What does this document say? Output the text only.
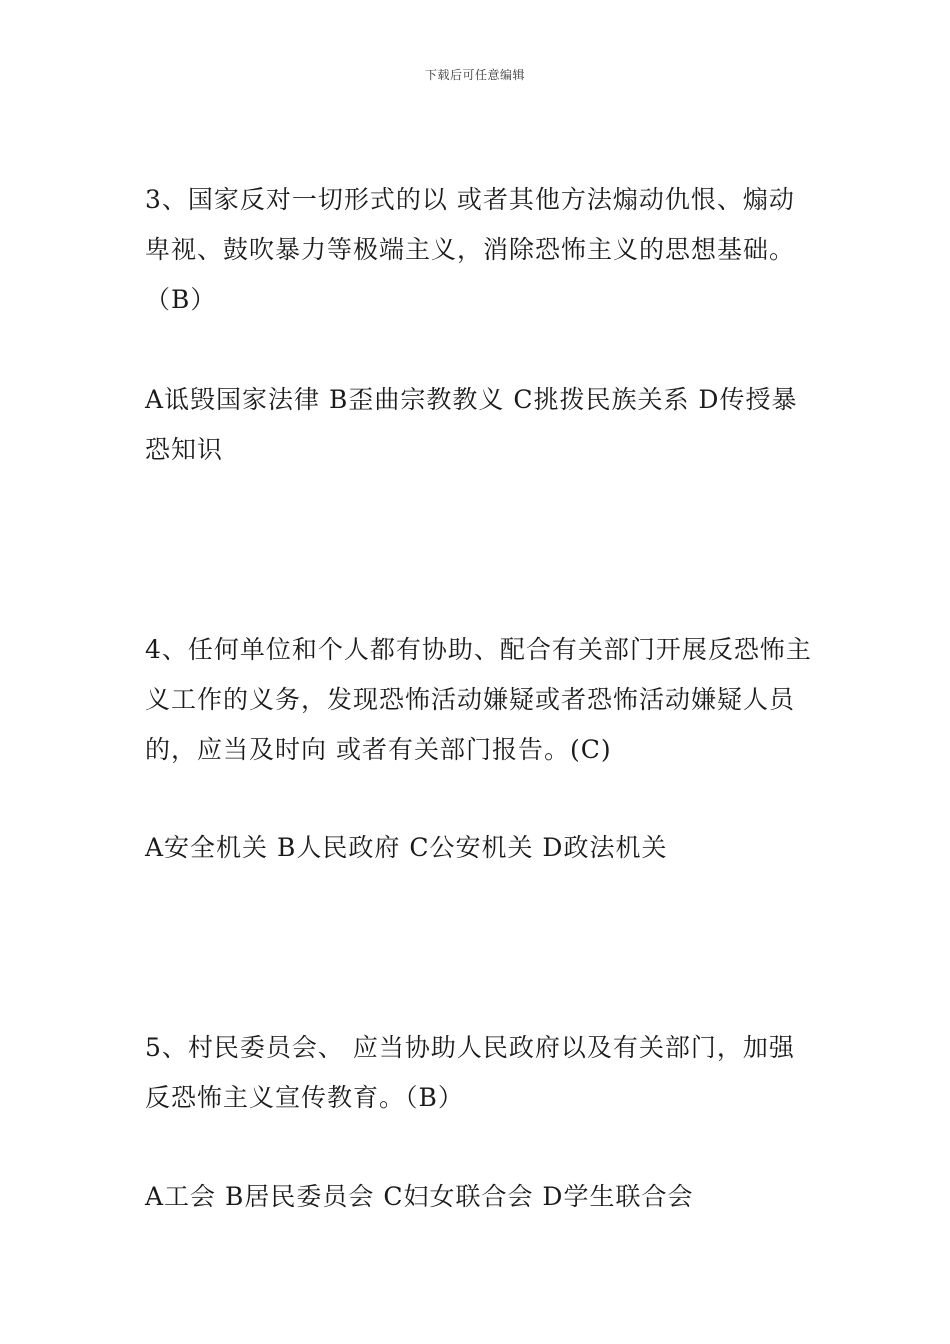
下载后可任意编辑
3、国家反对一切形式的以 或者其他方法煽动仇恨、煽动
卑视、鼓吹暴力等极端主义，消除恐怖主义的思想基础。
（B）
A诋毁国家法律 B歪曲宗教教义 C挑拨民族关系 D传授暴
恐知识
4、任何单位和个人都有协助、配合有关部门开展反恐怖主
义工作的义务，发现恐怖活动嫌疑或者恐怖活动嫌疑人员
的，应当及时向 或者有关部门报告。(C)
A安全机关 B人民政府 C公安机关 D政法机关
5、村民委员会、 应当协助人民政府以及有关部门，加强
反恐怖主义宣传教育。（B）
A工会 B居民委员会 C妇女联合会 D学生联合会
